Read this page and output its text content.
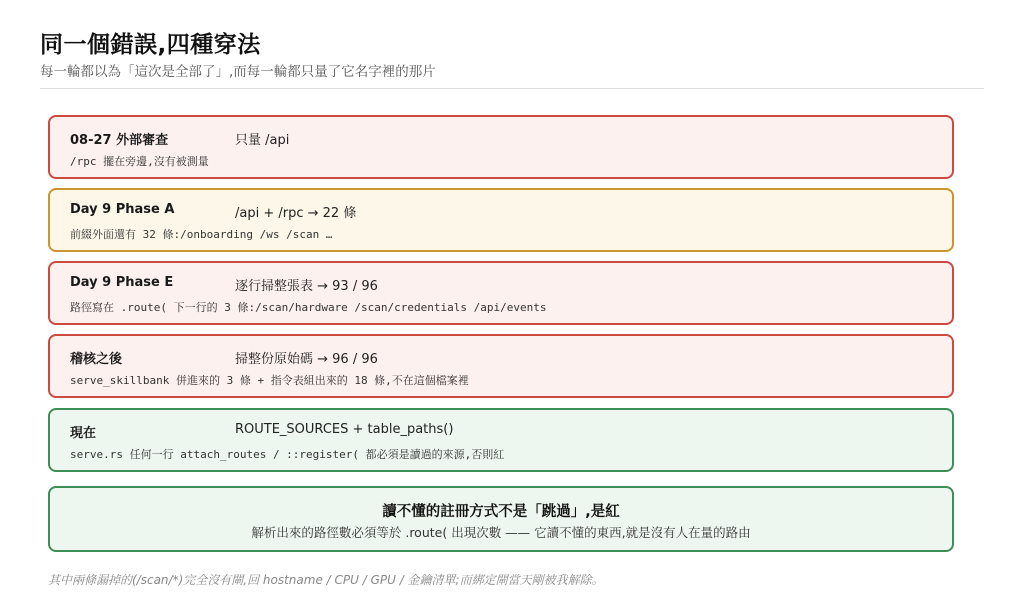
同一個錯誤,四種穿法
每一輪都以為「這次是全部了」,而每一輪都只量了它名字裡的那片
08-27 外部審查	只量 /api
/rpc 擺在旁邊,沒有被測量
Day 9 Phase A	/api + /rpc → 22 條
前綴外面還有 32 條:/onboarding /ws /scan …
Day 9 Phase E	逐行掃整張表 → 93 / 96
路徑寫在 .route( 下一行的 3 條:/scan/hardware /scan/credentials /api/events
稽核之後	掃整份原始碼 → 96 / 96
serve_skillbank 併進來的 3 條 + 指令表組出來的 18 條,不在這個檔案裡
現在	ROUTE_SOURCES + table_paths()
serve.rs 任何一行 attach_routes / ::register( 都必須是讀過的來源,否則紅
讀不懂的註冊方式不是「跳過」,是紅
解析出來的路徑數必須等於 .route( 出現次數 —— 它讀不懂的東西,就是沒有人在量的路由
其中兩條漏掉的(/scan/*)完全沒有閘,回 hostname / CPU / GPU / 金鑰清單;而綁定閘當天剛被我解除。
